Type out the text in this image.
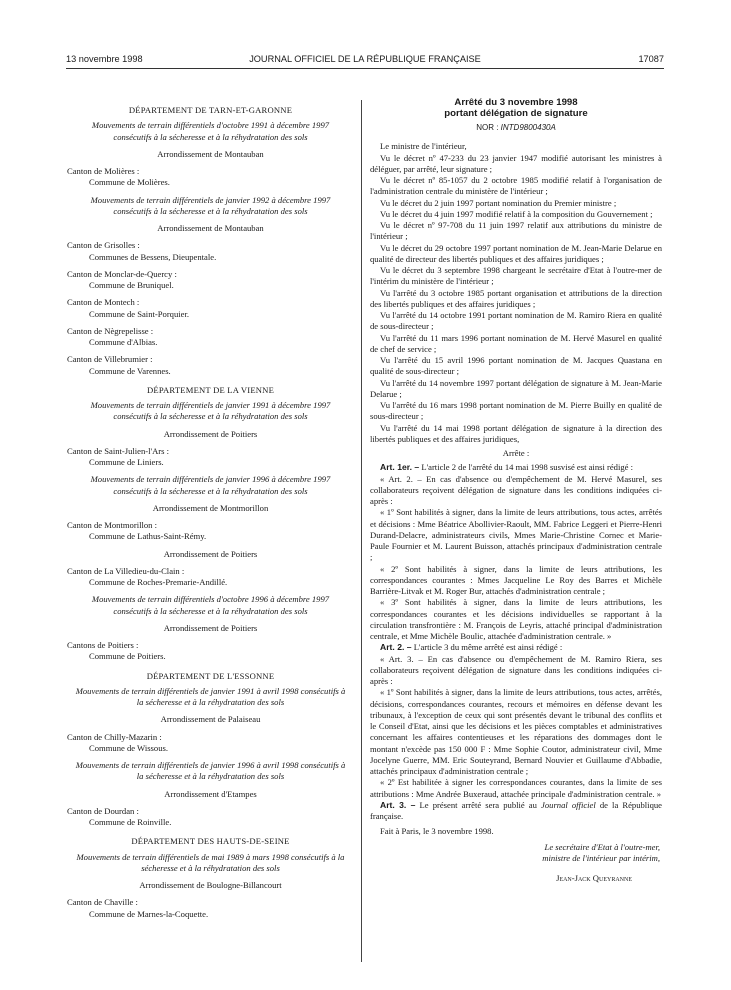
13 novembre 1998	JOURNAL OFFICIEL DE LA RÉPUBLIQUE FRANÇAISE	17087
DÉPARTEMENT DE TARN-ET-GARONNE
Mouvements de terrain différentiels d'octobre 1991 à décembre 1997 consécutifs à la sécheresse et à la réhydratation des sols
Arrondissement de Montauban
Canton de Molières :
Commune de Molières.
Mouvements de terrain différentiels de janvier 1992 à décembre 1997 consécutifs à la sécheresse et à la réhydratation des sols
Arrondissement de Montauban
Canton de Grisolles :
Communes de Bessens, Dieupentale.
Canton de Monclar-de-Quercy :
Commune de Bruniquel.
Canton de Montech :
Commune de Saint-Porquier.
Canton de Nègrepelisse :
Commune d'Albias.
Canton de Villebrumier :
Commune de Varennes.
DÉPARTEMENT DE LA VIENNE
Mouvements de terrain différentiels de janvier 1991 à décembre 1997 consécutifs à la sécheresse et à la réhydratation des sols
Arrondissement de Poitiers
Canton de Saint-Julien-l'Ars :
Commune de Liniers.
Mouvements de terrain différentiels de janvier 1996 à décembre 1997 consécutifs à la sécheresse et à la réhydratation des sols
Arrondissement de Montmorillon
Canton de Montmorillon :
Commune de Lathus-Saint-Rémy.
Arrondissement de Poitiers
Canton de La Villedieu-du-Clain :
Commune de Roches-Premarie-Andillé.
Mouvements de terrain différentiels d'octobre 1996 à décembre 1997 consécutifs à la sécheresse et à la réhydratation des sols
Arrondissement de Poitiers
Cantons de Poitiers :
Commune de Poitiers.
DÉPARTEMENT DE L'ESSONNE
Mouvements de terrain différentiels de janvier 1991 à avril 1998 consécutifs à la sécheresse et à la réhydratation des sols
Arrondissement de Palaiseau
Canton de Chilly-Mazarin :
Commune de Wissous.
Mouvements de terrain différentiels de janvier 1996 à avril 1998 consécutifs à la sécheresse et à la réhydratation des sols
Arrondissement d'Etampes
Canton de Dourdan :
Commune de Roinville.
DÉPARTEMENT DES HAUTS-DE-SEINE
Mouvements de terrain différentiels de mai 1989 à mars 1998 consécutifs à la sécheresse et à la réhydratation des sols
Arrondissement de Boulogne-Billancourt
Canton de Chaville :
Commune de Marnes-la-Coquette.
Arrêté du 3 novembre 1998
portant délégation de signature
NOR : INTD9800430A

Le ministre de l'intérieur,

Vu le décret nº 47-233 du 23 janvier 1947 modifié autorisant les ministres à déléguer, par arrêté, leur signature ;

Vu le décret nº 85-1057 du 2 octobre 1985 modifié relatif à l'organisation de l'administration centrale du ministère de l'intérieur ;

Vu le décret du 2 juin 1997 portant nomination du Premier ministre ;

Vu le décret du 4 juin 1997 modifié relatif à la composition du Gouvernement ;

Vu le décret nº 97-708 du 11 juin 1997 relatif aux attributions du ministre de l'intérieur ;

Vu le décret du 29 octobre 1997 portant nomination de M. Jean-Marie Delarue en qualité de directeur des libertés publiques et des affaires juridiques ;

Vu le décret du 3 septembre 1998 chargeant le secrétaire d'Etat à l'outre-mer de l'intérim du ministère de l'intérieur ;

Vu l'arrêté du 3 octobre 1985 portant organisation et attributions de la direction des libertés publiques et des affaires juridiques ;

Vu l'arrêté du 14 octobre 1991 portant nomination de M. Ramiro Riera en qualité de sous-directeur ;

Vu l'arrêté du 11 mars 1996 portant nomination de M. Hervé Masurel en qualité de chef de service ;

Vu l'arrêté du 15 avril 1996 portant nomination de M. Jacques Quastana en qualité de sous-directeur ;

Vu l'arrêté du 14 novembre 1997 portant délégation de signature à M. Jean-Marie Delarue ;

Vu l'arrêté du 16 mars 1998 portant nomination de M. Pierre Builly en qualité de sous-directeur ;

Vu l'arrêté du 14 mai 1998 portant délégation de signature à la direction des libertés publiques et des affaires juridiques,

Arrête :

Art. 1er. – L'article 2 de l'arrêté du 14 mai 1998 susvisé est ainsi rédigé :

« Art. 2. – En cas d'absence ou d'empêchement de M. Hervé Masurel, ses collaborateurs reçoivent délégation de signature dans les conditions indiquées ci-après :

« 1º Sont habilités à signer, dans la limite de leurs attributions, tous actes, arrêtés et décisions : Mme Béatrice Abollivier-Raoult, MM. Fabrice Leggeri et Pierre-Henri Durand-Delacre, administrateurs civils, Mmes Marie-Christine Cornec et Marie-Paule Fournier et M. Laurent Buisson, attachés principaux d'administration centrale ;

« 2º Sont habilités à signer, dans la limite de leurs attributions, les correspondances courantes : Mmes Jacqueline Le Roy des Barres et Michèle Barrière-Litvak et M. Roger Bur, attachés d'administration centrale ;

« 3º Sont habilités à signer, dans la limite de leurs attributions, les correspondances courantes et les décisions individuelles se rapportant à la circulation transfrontière : M. François de Leyris, attaché principal d'administration centrale, et Mme Michèle Boulic, attachée d'administration centrale. »

Art. 2. – L'article 3 du même arrêté est ainsi rédigé :

« Art. 3. – En cas d'absence ou d'empêchement de M. Ramiro Riera, ses collaborateurs reçoivent délégation de signature dans les conditions indiquées ci-après :

« 1º Sont habilités à signer, dans la limite de leurs attributions, tous actes, arrêtés, décisions, correspondances courantes, recours et mémoires en défense devant les tribunaux, à l'exception de ceux qui sont présentés devant le tribunal des conflits et le Conseil d'Etat, ainsi que les décisions et les pièces comptables et administratives concernant les affaires contentieuses et les réparations des dommages dont le montant n'excède pas 150 000 F : Mme Sophie Coutor, administrateur civil, Mme Jocelyne Guerre, MM. Eric Souteyrand, Bernard Nouvier et Guillaume d'Abbadie, attachés principaux d'administration centrale ;

« 2º Est habilitée à signer les correspondances courantes, dans la limite de ses attributions : Mme Andrée Buxeraud, attachée principale d'administration centrale. »

Art. 3. – Le présent arrêté sera publié au Journal officiel de la République française.

Fait à Paris, le 3 novembre 1998.

Le secrétaire d'Etat à l'outre-mer,

ministre de l'intérieur par intérim,

Jean-Jack Queyranne
